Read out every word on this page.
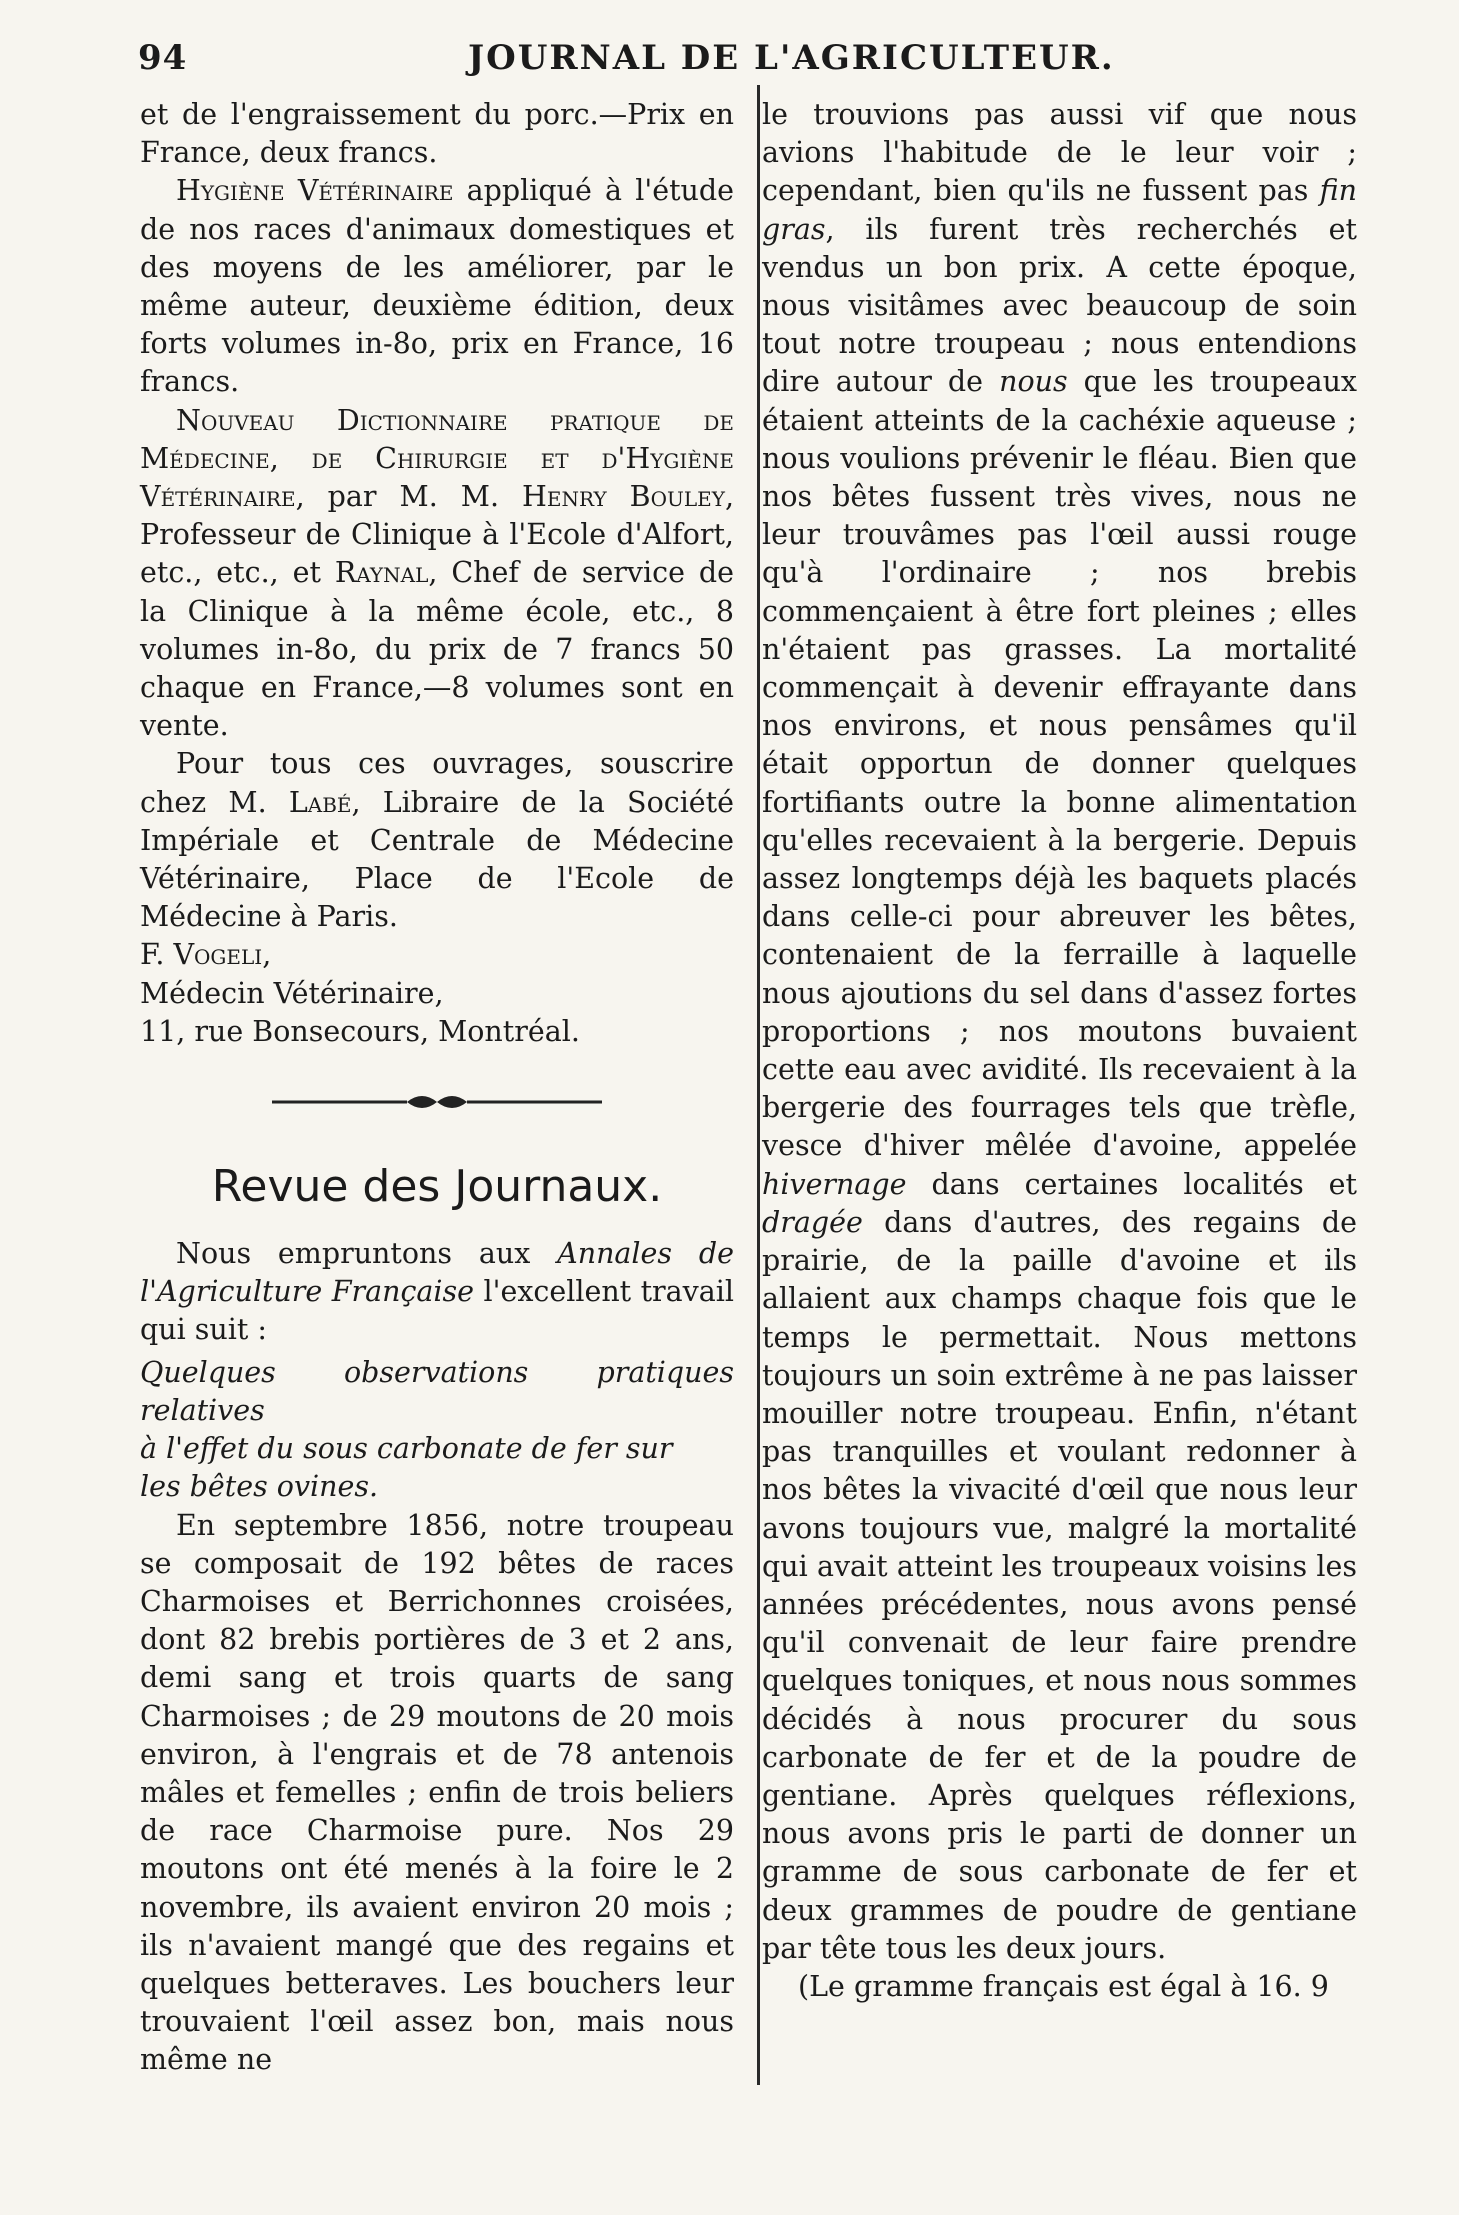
94	JOURNAL DE L'AGRICULTEUR.

et de l'engraissement du porc.—Prix en France, deux francs.

Hygiène Vétérinaire appliqué à l'étude de nos races d'animaux domestiques et des moyens de les améliorer, par le même auteur, deuxième édition, deux forts volumes in-8o, prix en France, 16 francs.

Nouveau Dictionnaire pratique de Médecine, de Chirurgie et d'Hygiène Vétérinaire, par M. M. Henry Bouley, Professeur de Clinique à l'Ecole d'Alfort, etc., etc., et Raynal, Chef de service de la Clinique à la même école, etc., 8 volumes in-8o, du prix de 7 francs 50 chaque en France,—8 volumes sont en vente.

Pour tous ces ouvrages, souscrire chez M. Labé, Libraire de la Société Impériale et Centrale de Médecine Vétérinaire, Place de l'Ecole de Médecine à Paris.

F. Vogeli,

Médecin Vétérinaire,

11, rue Bonsecours, Montréal.

Revue des Journaux.

Nous empruntons aux Annales de l'Agriculture Française l'excellent travail qui suit :

Quelques observations pratiques relatives

à l'effet du sous carbonate de fer sur

les bêtes ovines.

En septembre 1856, notre troupeau se composait de 192 bêtes de races Charmoises et Berrichonnes croisées, dont 82 brebis portières de 3 et 2 ans, demi sang et trois quarts de sang Charmoises ; de 29 moutons de 20 mois environ, à l'engrais et de 78 antenois mâles et femelles ; enfin de trois beliers de race Charmoise pure. Nos 29 moutons ont été menés à la foire le 2 novembre, ils avaient environ 20 mois ; ils n'avaient mangé que des regains et quelques betteraves. Les bouchers leur trouvaient l'œil assez bon, mais nous même ne

le trouvions pas aussi vif que nous avions l'habitude de le leur voir ; cependant, bien qu'ils ne fussent pas fin gras, ils furent très recherchés et vendus un bon prix. A cette époque, nous visitâmes avec beaucoup de soin tout notre troupeau ; nous entendions dire autour de nous que les troupeaux étaient atteints de la cachéxie aqueuse ; nous voulions prévenir le fléau. Bien que nos bêtes fussent très vives, nous ne leur trouvâmes pas l'œil aussi rouge qu'à l'ordinaire ; nos brebis commençaient à être fort pleines ; elles n'étaient pas grasses. La mortalité commençait à devenir effrayante dans nos environs, et nous pensâmes qu'il était opportun de donner quelques fortifiants outre la bonne alimentation qu'elles recevaient à la bergerie. Depuis assez longtemps déjà les baquets placés dans celle-ci pour abreuver les bêtes, contenaient de la ferraille à laquelle nous ajoutions du sel dans d'assez fortes proportions ; nos moutons buvaient cette eau avec avidité. Ils recevaient à la bergerie des fourrages tels que trèfle, vesce d'hiver mêlée d'avoine, appelée hivernage dans certaines localités et dragée dans d'autres, des regains de prairie, de la paille d'avoine et ils allaient aux champs chaque fois que le temps le permettait. Nous mettons toujours un soin extrême à ne pas laisser mouiller notre troupeau. Enfin, n'étant pas tranquilles et voulant redonner à nos bêtes la vivacité d'œil que nous leur avons toujours vue, malgré la mortalité qui avait atteint les troupeaux voisins les années précédentes, nous avons pensé qu'il convenait de leur faire prendre quelques toniques, et nous nous sommes décidés à nous procurer du sous carbonate de fer et de la poudre de gentiane. Après quelques réflexions, nous avons pris le parti de donner un gramme de sous carbonate de fer et deux grammes de poudre de gentiane par tête tous les deux jours.

(Le gramme français est égal à 16. 9
